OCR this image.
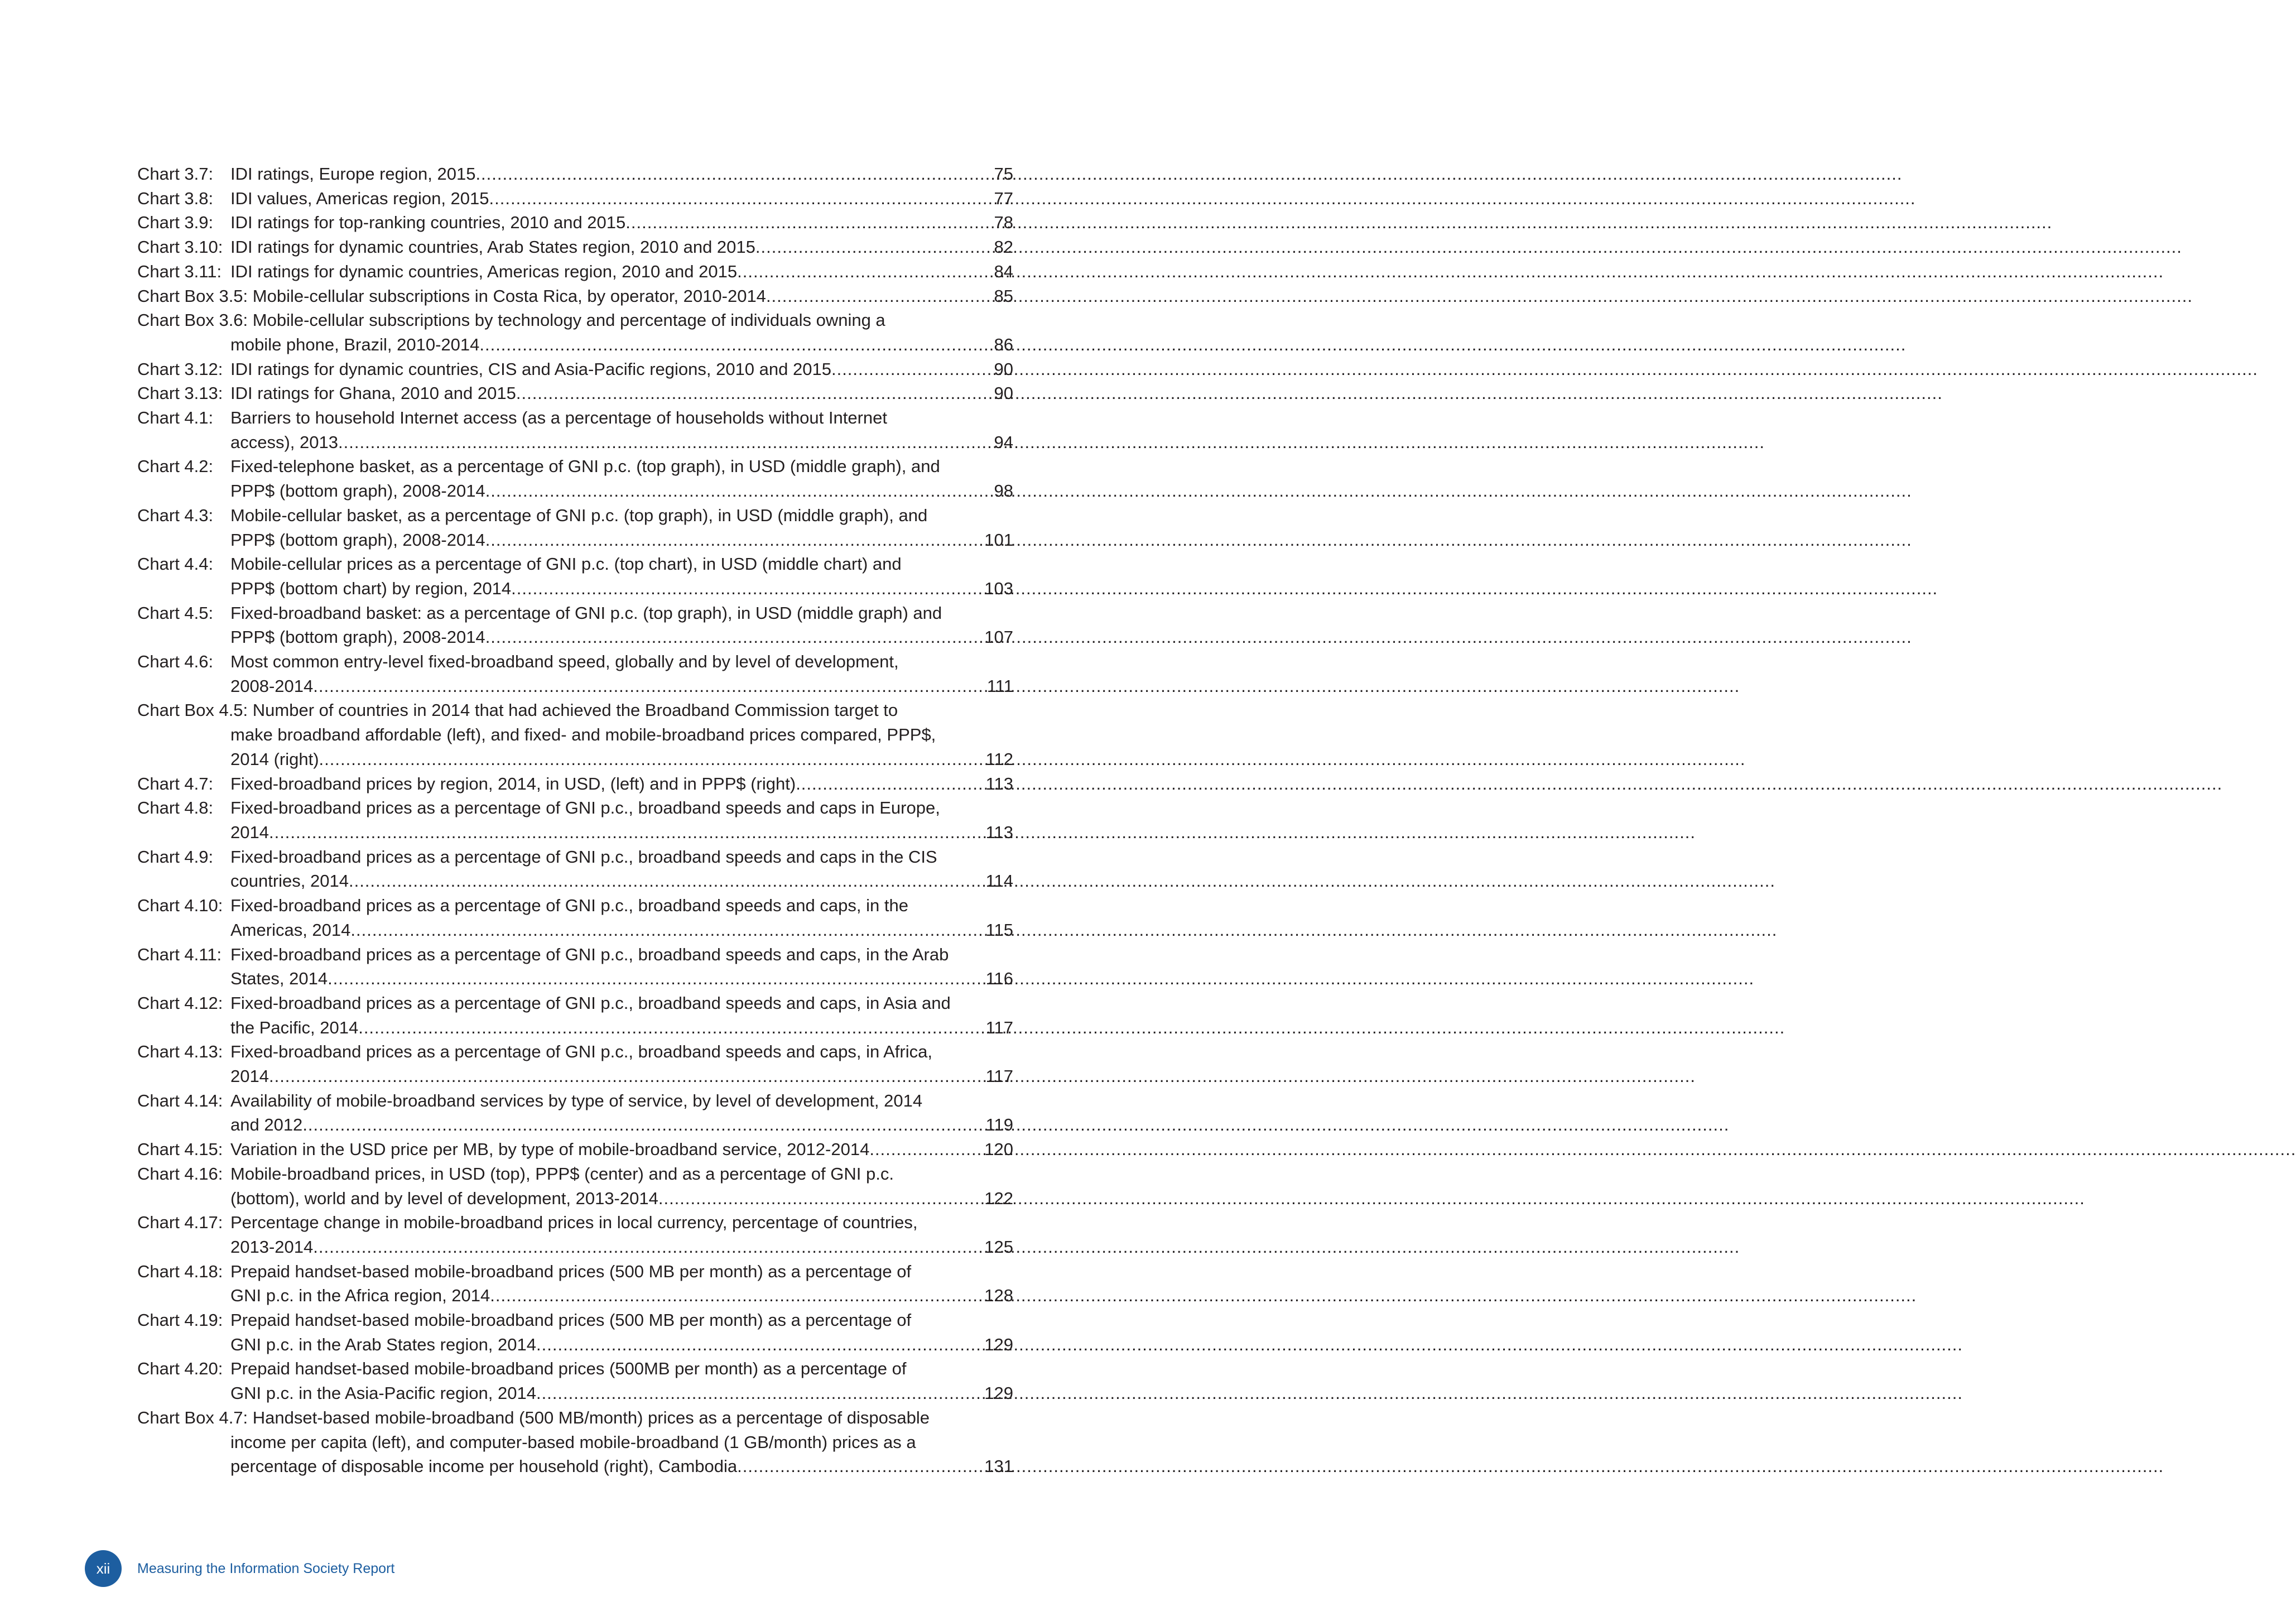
Chart 3.7: IDI ratings, Europe region, 2015 .....	75
Chart 3.8: IDI values, Americas region, 2015 .....	77
Chart 3.9: IDI ratings for top-ranking countries, 2010 and 2015 .....	78
Chart 3.10: IDI ratings for dynamic countries, Arab States region, 2010 and 2015 .....	82
Chart 3.11: IDI ratings for dynamic countries, Americas region, 2010 and 2015 .....	84
Chart Box 3.5:
Mobile-cellular subscriptions in Costa Rica, by operator, 2010-2014 .....	85
Chart Box 3.6: Mobile-cellular subscriptions by technology and percentage of individuals owning a
mobile phone, Brazil, 2010-2014 .....	86
Chart 3.12: IDI ratings for dynamic countries, CIS and Asia-Pacific regions, 2010 and 2015 .....	90
Chart 3.13: IDI ratings for Ghana, 2010 and 2015 .....	90
Chart 4.1: Barriers to household Internet access (as a percentage of households without Internet
access), 2013 .....	94
Chart 4.2: Fixed-telephone basket, as a percentage of GNI p.c. (top graph), in USD (middle graph), and
PPP$ (bottom graph), 2008-2014 .....	98
Chart 4.3: Mobile-cellular basket, as a percentage of GNI p.c. (top graph), in USD (middle graph), and
PPP$ (bottom graph), 2008-2014 .....	101
Chart 4.4: Mobile-cellular prices as a percentage of GNI p.c. (top chart), in USD (middle chart) and
PPP$ (bottom chart) by region, 2014 .....	103
Chart 4.5: Fixed-broadband basket: as a percentage of GNI p.c. (top graph), in USD (middle graph) and
PPP$ (bottom graph), 2008-2014 .....	107
Chart 4.6: Most common entry-level fixed-broadband speed, globally and by level of development,
2008-2014 .....	111
Chart Box 4.5: Number of countries in 2014 that had achieved the Broadband Commission target to
make broadband affordable (left), and fixed- and mobile-broadband prices compared, PPP$,
2014 (right) .....	112
Chart 4.7: Fixed-broadband prices by region, 2014, in USD, (left) and in PPP$ (right) .....	113
Chart 4.8: Fixed-broadband prices as a percentage of GNI p.c., broadband speeds and caps in Europe,
2014 .....	113
Chart 4.9: Fixed-broadband prices as a percentage of GNI p.c., broadband speeds and caps in the CIS
countries, 2014 .....	114
Chart 4.10: Fixed-broadband prices as a percentage of GNI p.c., broadband speeds and caps, in the
Americas, 2014 .....	115
Chart 4.11: Fixed-broadband prices as a percentage of GNI p.c., broadband speeds and caps, in the Arab
States, 2014 .....	116
Chart 4.12: Fixed-broadband prices as a percentage of GNI p.c., broadband speeds and caps, in Asia and
the Pacific, 2014 .....	117
Chart 4.13: Fixed-broadband prices as a percentage of GNI p.c., broadband speeds and caps, in Africa,
2014 .....	117
Chart 4.14: Availability of mobile-broadband services by type of service, by level of development, 2014
and 2012 .....	119
Chart 4.15: Variation in the USD price per MB, by type of mobile-broadband service, 2012-2014 .....	120
Chart 4.16: Mobile-broadband prices, in USD (top), PPP$ (center) and as a percentage of GNI p.c.
(bottom), world and by level of development, 2013-2014 .....	122
Chart 4.17: Percentage change in mobile-broadband prices in local currency, percentage of countries,
2013-2014 .....	125
Chart 4.18: Prepaid handset-based mobile-broadband prices (500 MB per month) as a percentage of
GNI p.c. in the Africa region, 2014 .....	128
Chart 4.19: Prepaid handset-based mobile-broadband prices (500 MB per month) as a percentage of
GNI p.c. in the Arab States region, 2014 .....	129
Chart 4.20: Prepaid handset-based mobile-broadband prices (500MB per month) as a percentage of
GNI p.c. in the Asia-Pacific region, 2014 .....	129
Chart Box 4.7: Handset-based mobile-broadband (500 MB/month) prices as a percentage of disposable
income per capita (left), and computer-based mobile-broadband (1 GB/month) prices as a
percentage of disposable income per household (right), Cambodia .....	131
xii	Measuring the Information Society Report
